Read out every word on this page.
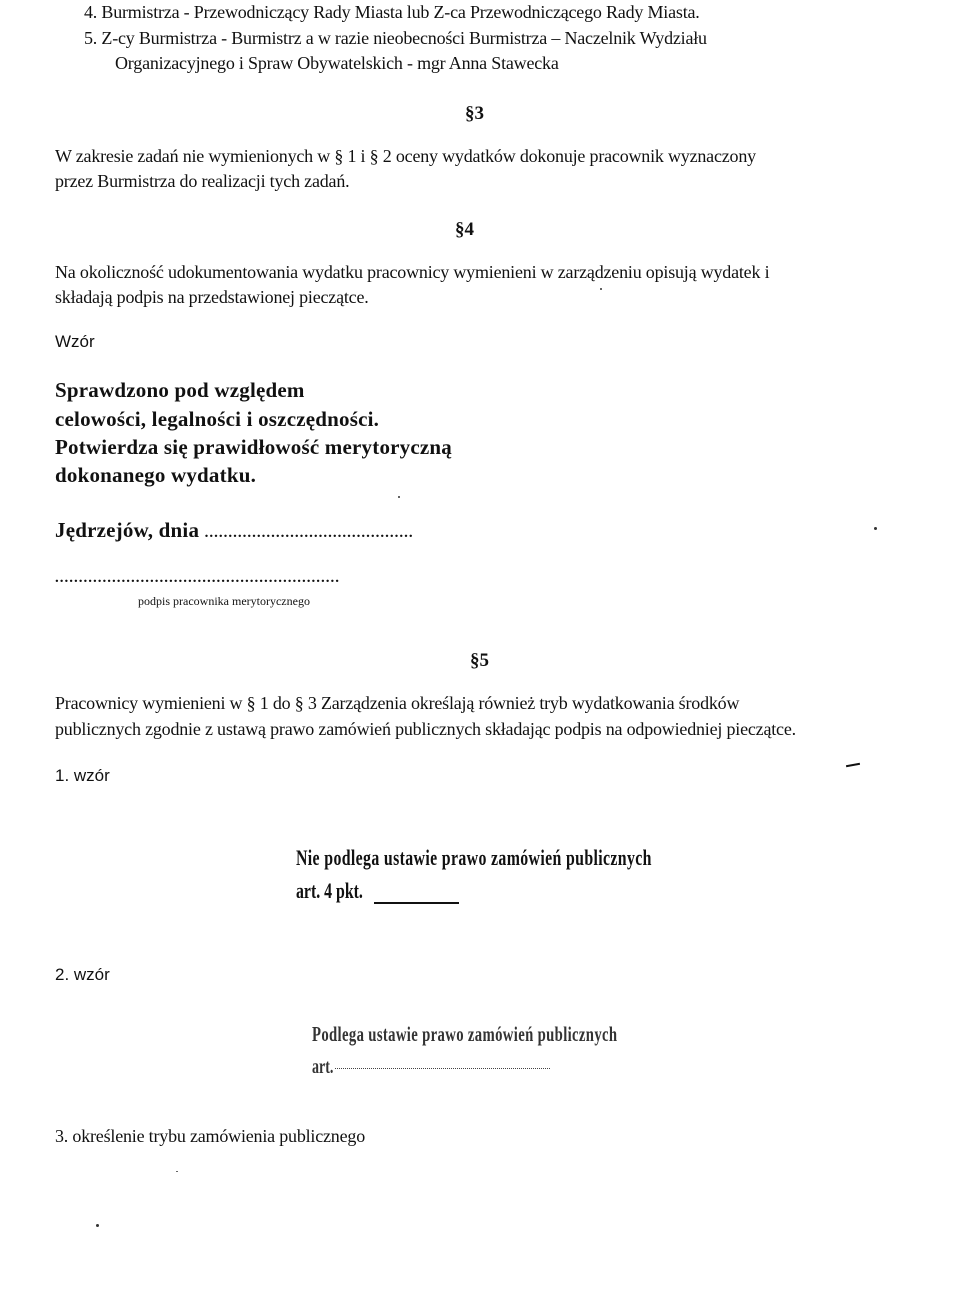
4. Burmistrza - Przewodniczący Rady Miasta lub Z-ca Przewodniczącego Rady Miasta.
5. Z-cy Burmistrza - Burmistrz a w razie nieobecności Burmistrza – Naczelnik Wydziału
Organizacyjnego i Spraw Obywatelskich - mgr Anna Stawecka
§3
W zakresie zadań nie wymienionych w § 1 i § 2 oceny wydatków dokonuje pracownik wyznaczony
przez Burmistrza do realizacji tych zadań.
§4
Na okoliczność udokumentowania wydatku pracownicy wymienieni w zarządzeniu opisują wydatek i
składają podpis na przedstawionej pieczątce.
Wzór
Sprawdzono pod względem
celowości, legalności i oszczędności.
Potwierdza się prawidłowość merytoryczną
dokonanego wydatku.
Jędrzejów, dnia ............................................
............................................................
podpis pracownika merytorycznego
§5
Pracownicy wymienieni w § 1 do § 3 Zarządzenia określają również tryb wydatkowania środków
publicznych zgodnie z ustawą prawo zamówień publicznych składając podpis na odpowiedniej pieczątce.
1. wzór
Nie podlega ustawie prawo zamówień publicznych
art. 4 pkt.
2. wzór
Podlega ustawie prawo zamówień publicznych
art.
3. określenie trybu zamówienia publicznego
